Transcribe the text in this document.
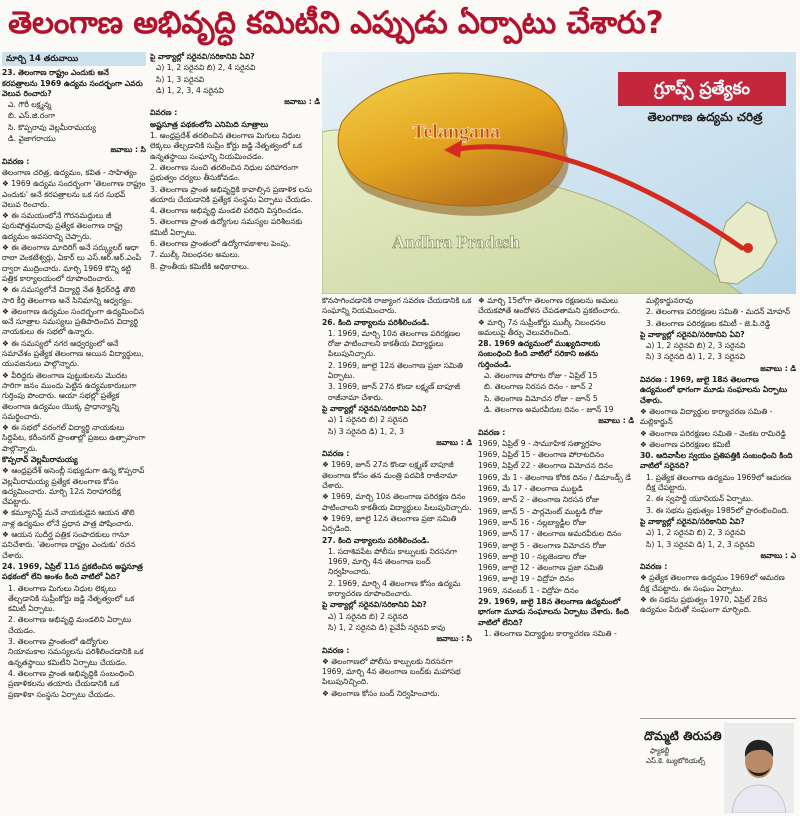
తెలంగాణ అభివృద్ధి కమిటీని ఎప్పుడు ఏర్పాటు చేశారు?
మార్చి 14 తరువాయి

23. తెలంగాణ రాష్ట్రం ఎందుకు అనే కరపత్రాలను 1969 ఉద్యమ సందర్భంగా ఎవరు వెలువ రించారు?

ఎ. గౌరీ లక్ష్మన్న

బి. ఎస్.జి.రంగా

సి. కొప్పరావు వెల్లమీరామయ్య

డి. వైజాగరాయు

జవాబు : సి

వివరణ :

తెలంగాణ చరిత్ర, ఉద్యమం, కవిత - సాహిత్యం

❖ 1969 ఉద్యమ సందర్భంగా 'తెలంగాణ రాష్ట్రం ఎందుకు' అనే కరపత్రాలను ఒక సర సుభవ్ వెలువ రించారు.

❖ ఈ సమయంలోనే గౌరనమద్దులు జీ పురుషోత్తమరావు ప్రత్యేక తెలంగాణ రాష్ట్ర ఉద్యమం అవసరాన్ని చెప్పారు.

❖ ఈ తెలంగాణ మాదిరిగ్ అనే సర్క్యులర్ ఆధా రాలా వెంకటేశ్వర్లు, ఏకార్ లు ఎస్.ఆర్.ఆర్.ఎంపీ ద్వారా ముద్రించారు. మార్చి 1969 కొన్ని కట్టి పత్రిక కార్యాలయంలో రూపొందించారు.

❖ ఈ సమస్యలోనే విద్యార్థి నేత శ్రీధర్‌రెడ్డి తొలి సారి కీర్తి తెలంగాణ అనే సినిమాన్ని ఆధ్వర్యం.

❖ తెలంగాణ ఉద్యమం సందర్భంగా ఉద్యమించిన అనే సూత్రాల సమస్యలు ప్రతిపాదించిన విద్యార్థి నాయకులు ఈ సభలో ఉన్నారు.

❖ ఈ సమస్యలో నగర ఆధ్వర్యంలో ఆనే సమావేశం ప్రత్యేక తెలంగాణ అయిన విద్యార్థులు, యువజనులు పాల్గొన్నారు.

❖ వీరిద్దరు తెలంగాణ పుట్టుకులను మొదట సారిగా జనం ముందు పెట్టిన ఉద్యమకారులుగా గుర్తింపు పొందారు. ఆయా సభల్లో ప్రత్యేక తెలంగాణ ఉద్యమం యొక్క ప్రాధాన్యాన్ని సమర్థించారు.

❖ ఈ సభలో వరంగల్ విద్యార్థి నాయకులు సిద్ధిపేట, కరీంనగర్ ప్రాంతాల్లో ప్రజలు ఉత్సాహంగా పాల్గొన్నారు.

కొప్పరావ్ వెల్లమీరామయ్య

❖ ఆంధ్రప్రదేశ్ అసెంబ్లీ సభ్యుడుగా ఉన్న కొప్పరావ్ వెల్లమీరామయ్య ప్రత్యేక తెలంగాణ కోసం ఉద్యమించారు. మార్చి 12న నిరాహారదీక్ష చేపట్టారు.

❖ కమ్యూనిస్ట్ మనే నాయకుడైన ఆయన తొలి నాళ్ల ఉద్యమం లోనే ప్రధాన పాత్ర పోషించారు.

❖ ఆయన సుదీర్ఘ పత్రిక సంపాదకులు గానూ పనిచేశారు. 'తెలంగాణ రాష్ట్రం ఎందుకు' రచన చేశారు.

24. 1969, ఏప్రిల్ 11న ప్రకటించిన అష్టసూత్ర పథకంలో లేని అంశం కింది వాటిలో ఏది?

1. తెలంగాణ మిగులు నిధుల లెక్కలు తేల్చడానికి సుప్రీంకోర్టు జడ్జి నేతృత్వంలో ఒక కమిటీ ఏర్పాటు.

2. తెలంగాణ అభివృద్ధి మండలిని ఏర్పాటు చేయడం.

3. తెలంగాణ ప్రాంతంలో ఉద్యోగుల నియామకాల సమస్యలను పరిశీలించడానికి ఒక ఉన్నతస్థాయి కమిటీని ఏర్పాటు చేయడం.

4. తెలంగాణ ప్రాంత అభివృద్ధికి సంబంధించి ప్రణాళికలను తయారు చేయడానికి ఒక ప్రణాళికా సంస్థను ఏర్పాటు చేయడం.

పై వాక్యాల్లో సరైనవి/సరికానివి ఏవి?

ఎ) 1, 2 సరైనవి బి) 2, 4 సరైనవి

సి) 1, 3 సరైనవి

డి) 1, 2, 3, 4 సరైనవి

జవాబు : డి

వివరణ :

అష్టసూత్ర పథకంలోని ఎనిమిది సూత్రాలు

1. ఆంధ్రప్రదేశ్ తరలించిన తెలంగాణ మిగులు నిధుల లెక్కలు తేల్చడానికి సుప్రీం కోర్టు జడ్జి నేతృత్వంలో ఒక ఉన్నతస్థాయి సంఘాన్ని నియమించడం.

2. తెలంగాణ నుంచి తరలించిన నిధుల పరిహారంగా ప్రభుత్వం చర్యలు తీసుకోవడం.

3. తెలంగాణ ప్రాంత అభివృద్ధికి కావాల్సిన ప్రణాళిక లను తయారు చేయడానికి ప్రత్యేక సంస్థను ఏర్పాటు చేయడం.

4. తెలంగాణ అభివృద్ధి మండలి పరిధిని విస్తరించడం.

5. తెలంగాణ ప్రాంత ఉద్యోగుల సమస్యల పరిశీలనకు కమిటీ ఏర్పాటు.

6. తెలంగాణ ప్రాంతంలో ఉద్యోగావకాశాల పెంపు.

7. ముల్కీ నిబంధనల అమలు.

8. ప్రాంతీయ కమిటీకి అధికారాలు.

Telangana
Andhra Pradesh
గ్రూప్స్ ప్రత్యేకం
తెలంగాణ ఉద్యమ చరిత్ర

కొనసాగించడానికి రాజ్యాంగ సవరణ చేయడానికి ఒక సంఘాన్ని నియమించారు.

26. కింది వాక్యాలను పరిశీలించండి.

1. 1969, మార్చి 10న తెలంగాణ పరిరక్షణల రోజు పాటించాలని కాకతీయ విద్యార్థులు పిలుపునిచ్చారు.

2. 1969, జూలై 12న తెలంగాణ ప్రజా సమితి ఏర్పాటు.

3. 1969, జూన్ 27న కొండా లక్ష్మణ్ బాపూజీ రాజీనామా చేశారు.

పై వాక్యాల్లో సరైనవి/సరికానివి ఏవి?

ఎ) 1 సరైనది బి) 2 సరైనది

సి) 3 సరైనది డి) 1, 2, 3

జవాబు : డి

వివరణ :

❖ 1969, జూన్ 27న కొండా లక్ష్మణ్ బాపూజీ తెలంగాణ కోసం తన మంత్రి పదవికి రాజీనామా చేశారు.

❖ 1969, మార్చి 10న తెలంగాణ పరిరక్షణ దినం పాటించాలని కాకతీయ విద్యార్థులు పిలుపునిచ్చారు.

❖ 1969, జూలై 12న తెలంగాణ ప్రజా సమితి ఏర్పడింది.

27. కింది వాక్యాలను పరిశీలించండి.

1. సదాశివపేట పోలీసు కాల్పులకు నిరసనగా 1969, మార్చి 4న తెలంగాణ బంద్ నిర్వహించారు.

2. 1969, మార్చి 4 తెలంగాణ కోసం ఉద్యమ కార్యాచరణ రూపొందించారు.

పై వాక్యాల్లో సరైనవి/సరికానివి ఏవి?

ఎ) 1 సరైనది బి) 2 సరైనది

సి) 1, 2 సరైనవి డి) పైవేవీ సరైనవి కావు

జవాబు : సి

వివరణ :

❖ తెలంగాణలో పోలీసు కాల్పులకు నిరసనగా 1969, మార్చి 4న తెలంగాణ బంద్‌కు మహాసభ పిలుపునిచ్చింది.

❖ తెలంగాణ కోసం బంద్ నిర్వహించారు.

❖ మార్చి 15లోగా తెలంగాణ రక్షణలను అమలు చేయకపోతే ఆందోళన చేపడతామని ప్రకటించారు.

❖ మార్చి 7న సుప్రీంకోర్టు ముల్కీ నిబంధనల అమలుపై తీర్పు వెలువరించింది.

28. 1969 ఉద్యమంలో ముఖ్యదినాలకు సంబంధించి కింది వాటిలో సరికాని జతను గుర్తించండి.

ఎ. తెలంగాణ పోరాట రోజు - ఏప్రిల్ 15

బి. తెలంగాణ నిరసన దినం - జూన్ 2

సి. తెలంగాణ విమోచన రోజు - జూన్ 5

డి. తెలంగాణ అమరవీరుల దినం - జూన్ 19

జవాబు : డి

వివరణ :

1969, ఏప్రిల్ 9 - సామూహిక సత్యాగ్రహం

1969, ఏప్రిల్ 15 - తెలంగాణ పోరాటదినం

1969, ఏప్రిల్ 22 - తెలంగాణ విమోచన దినం

1969, మే 1 - తెలంగాణ కోరిక దినం / డిమాండ్స్ డే

1969, మే 17 - తెలంగాణ ముట్టడి

1969, జూన్ 2 - తెలంగాణ నిరసన రోజు

1969, జూన్ 5 - పార్లమెంట్ ముట్టడి రోజు

1969, జూన్ 16 - నల్లబ్యాడ్జీల రోజు

1969, జూన్ 17 - తెలంగాణ అమరవీరుల దినం

1969, జూలై 5 - తెలంగాణ విమోచన రోజు

1969, జూలై 10 - నల్లజెండాల రోజు

1969, జూలై 12 - తెలంగాణ ప్రజా సమితి

1969, జూలై 19 - విద్రోహ దినం

1969, నవంబర్ 1 - విద్రోహ దినం

29. 1969, జులై 18న తెలంగాణ ఉద్యమంలో భాగంగా మూడు సంఘాలను ఏర్పాటు చేశారు. కింది వాటిలో లేనిది?

1. తెలంగాణ విద్యార్థుల కార్యాచరణ సమితి -

మల్లికార్జునరావు

2. తెలంగాణ పరిరక్షణల సమితి - మదన్ మోహన్

3. తెలంగాణ పరిరక్షణల కమిటీ - జె.పి.రెడ్డి

పై వాక్యాల్లో సరైనవి/సరికానివి ఏవి?

ఎ) 1, 2 సరైనవి బి) 2, 3 సరైనవి

సి) 3 సరైనది డి) 1, 2, 3 సరైనవి

జవాబు : డి

వివరణ : 1969, జులై 18న తెలంగాణ ఉద్యమంలో భాగంగా మూడు సంఘాలను ఏర్పాటు చేశారు.

❖ తెలంగాణ విద్యార్థుల కార్యాచరణ సమితి - మల్లికార్జున్

❖ తెలంగాణ పరిరక్షణల సమితి - వెంకట రామిరెడ్డి

❖ తెలంగాణ పరిరక్షణల కమిటీ

30. ఆదివాసీల స్వయం ప్రతిపత్తికి సంబంధించి కింది వాటిలో సరైనది?

1. ప్రత్యేక తెలంగాణ ఉద్యమం 1969లో ఆమరణ దీక్ష చేపట్టారు.

2. ఈ స్వపార్టీ యూనియన్ ఏర్పాటు.

3. ఈ సభను ప్రభుత్వం 1985లో ప్రారంభించింది.

పై వాక్యాల్లో సరైనవి/సరికానివి ఏవి?

ఎ) 1, 2 సరైనవి బి) 2, 3 సరైనవి

సి) 1, 3 సరైనవి డి) 1, 2, 3 సరైనవి

జవాబు : ఎ

వివరణ :

❖ ప్రత్యేక తెలంగాణ ఉద్యమం 1969లో ఆమరణ దీక్ష చేపట్టారు. ఈ సంఘం ఏర్పాటు.

❖ ఈ సభను ప్రభుత్వం 1970, ఏప్రిల్ 28న ఉద్యమం పేరుతో సంఘంగా మార్చింది.

దొమ్మటి తిరుపతి
ఫ్యాకల్టీ
ఎస్.కె. ట్యుటోరియల్స్
